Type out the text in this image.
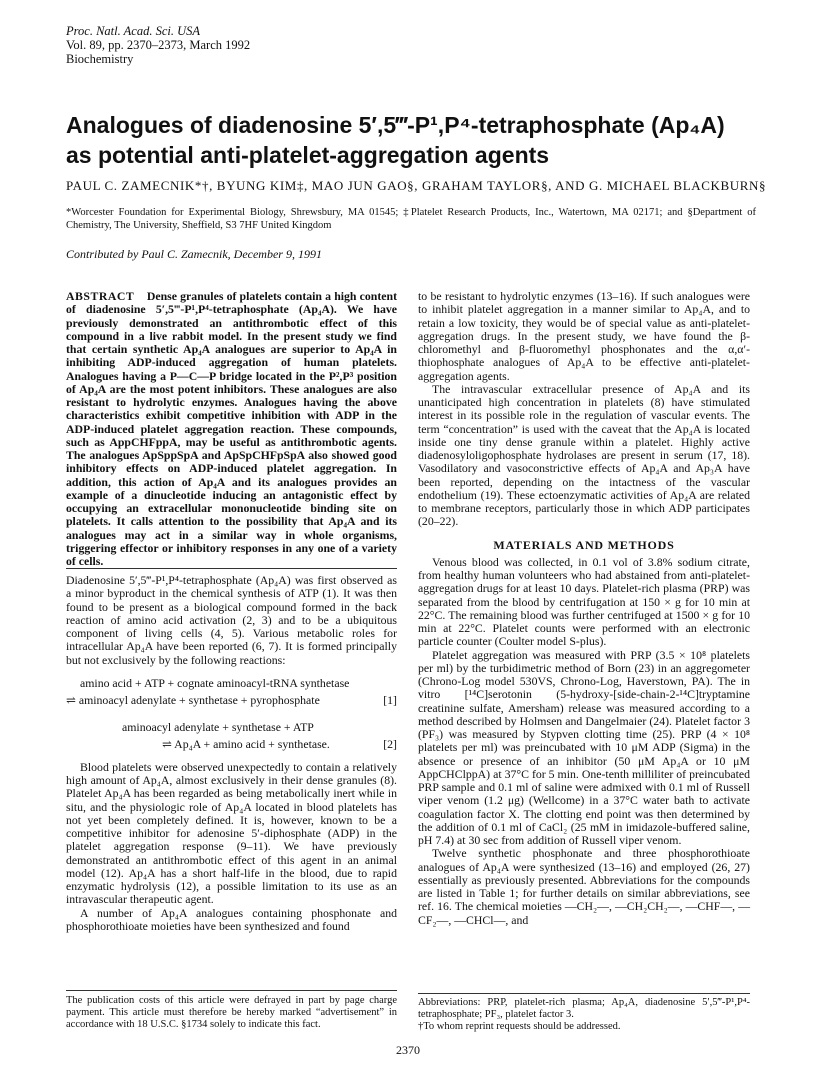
Proc. Natl. Acad. Sci. USA
Vol. 89, pp. 2370–2373, March 1992
Biochemistry
Analogues of diadenosine 5′,5‴-P¹,P⁴-tetraphosphate (Ap₄A) as potential anti-platelet-aggregation agents
PAUL C. ZAMECNIK*†, BYUNG KIM‡, MAO JUN GAO§, GRAHAM TAYLOR§, AND G. MICHAEL BLACKBURN§
*Worcester Foundation for Experimental Biology, Shrewsbury, MA 01545; ‡Platelet Research Products, Inc., Watertown, MA 02171; and §Department of Chemistry, The University, Sheffield, S3 7HF United Kingdom
Contributed by Paul C. Zamecnik, December 9, 1991

ABSTRACT Dense granules of platelets contain a high content of diadenosine 5′,5‴-P¹,P⁴-tetraphosphate (Ap₄A). We have previously demonstrated an antithrombotic effect of this compound in a live rabbit model. In the present study we find that certain synthetic Ap₄A analogues are superior to Ap₄A in inhibiting ADP-induced aggregation of human platelets. Analogues having a P—C—P bridge located in the P²,P³ position of Ap₄A are the most potent inhibitors. These analogues are also resistant to hydrolytic enzymes. Analogues having the above characteristics exhibit competitive inhibition with ADP in the ADP-induced platelet aggregation reaction. These compounds, such as AppCHFppA, may be useful as antithrombotic agents. The analogues ApSppSpA and ApSpCHFpSpA also showed good inhibitory effects on ADP-induced platelet aggregation. In addition, this action of Ap₄A and its analogues provides an example of a dinucleotide inducing an antagonistic effect by occupying an extracellular mononucleotide binding site on platelets. It calls attention to the possibility that Ap₄A and its analogues may act in a similar way in whole organisms, triggering effector or inhibitory responses in any one of a variety of cells.

Diadenosine 5′,5‴-P¹,P⁴-tetraphosphate (Ap₄A) was first observed as a minor byproduct in the chemical synthesis of ATP (1). It was then found to be present as a biological compound formed in the back reaction of amino acid activation (2, 3) and to be a ubiquitous component of living cells (4, 5). Various metabolic roles for intracellular Ap₄A have been reported (6, 7). It is formed principally but not exclusively by the following reactions:

amino acid + ATP + cognate aminoacyl-tRNA synthetase
⇌ aminoacyl adenylate + synthetase + pyrophosphate	[1]
aminoacyl adenylate + synthetase + ATP
⇌ Ap₄A + amino acid + synthetase.	[2]

Blood platelets were observed unexpectedly to contain a relatively high amount of Ap₄A, almost exclusively in their dense granules (8). Platelet Ap₄A has been regarded as being metabolically inert while in situ, and the physiologic role of Ap₄A located in blood platelets has not yet been completely defined. It is, however, known to be a competitive inhibitor for adenosine 5′-diphosphate (ADP) in the platelet aggregation response (9–11). We have previously demonstrated an antithrombotic effect of this agent in an animal model (12). Ap₄A has a short half-life in the blood, due to rapid enzymatic hydrolysis (12), a possible limitation to its use as an intravascular therapeutic agent.

A number of Ap₄A analogues containing phosphonate and phosphorothioate moieties have been synthesized and found

The publication costs of this article were defrayed in part by page charge payment. This article must therefore be hereby marked “advertisement” in accordance with 18 U.S.C. §1734 solely to indicate this fact.

to be resistant to hydrolytic enzymes (13–16). If such analogues were to inhibit platelet aggregation in a manner similar to Ap₄A, and to retain a low toxicity, they would be of special value as anti-platelet-aggregation drugs. In the present study, we have found the β-chloromethyl and β-fluoromethyl phosphonates and the α,α′-thiophosphate analogues of Ap₄A to be effective anti-platelet-aggregation agents.

The intravascular extracellular presence of Ap₄A and its unanticipated high concentration in platelets (8) have stimulated interest in its possible role in the regulation of vascular events. The term “concentration” is used with the caveat that the Ap₄A is located inside one tiny dense granule within a platelet. Highly active diadenosyloligophosphate hydrolases are present in serum (17, 18). Vasodilatory and vasoconstrictive effects of Ap₄A and Ap₃A have been reported, depending on the intactness of the vascular endothelium (19). These ectoenzymatic activities of Ap₄A are related to membrane receptors, particularly those in which ADP participates (20–22).

MATERIALS AND METHODS

Venous blood was collected, in 0.1 vol of 3.8% sodium citrate, from healthy human volunteers who had abstained from anti-platelet-aggregation drugs for at least 10 days. Platelet-rich plasma (PRP) was separated from the blood by centrifugation at 150 × g for 10 min at 22°C. The remaining blood was further centrifuged at 1500 × g for 10 min at 22°C. Platelet counts were performed with an electronic particle counter (Coulter model S-plus).

Platelet aggregation was measured with PRP (3.5 × 10⁸ platelets per ml) by the turbidimetric method of Born (23) in an aggregometer (Chrono-Log model 530VS, Chrono-Log, Haverstown, PA). The in vitro [¹⁴C]serotonin (5-hydroxy-[side-chain-2-¹⁴C]tryptamine creatinine sulfate, Amersham) release was measured according to a method described by Holmsen and Dangelmaier (24). Platelet factor 3 (PF₃) was measured by Stypven clotting time (25). PRP (4 × 10⁸ platelets per ml) was preincubated with 10 μM ADP (Sigma) in the absence or presence of an inhibitor (50 μM Ap₄A or 10 μM AppCHClppA) at 37°C for 5 min. One-tenth milliliter of preincubated PRP sample and 0.1 ml of saline were admixed with 0.1 ml of Russell viper venom (1.2 μg) (Wellcome) in a 37°C water bath to activate coagulation factor X. The clotting end point was then determined by the addition of 0.1 ml of CaCl₂ (25 mM in imidazole-buffered saline, pH 7.4) at 30 sec from addition of Russell viper venom.

Twelve synthetic phosphonate and three phosphorothioate analogues of Ap₄A were synthesized (13–16) and employed (26, 27) essentially as previously presented. Abbreviations for the compounds are listed in Table 1; for further details on similar abbreviations, see ref. 16. The chemical moieties —CH₂—, —CH₂CH₂—, —CHF—, —CF₂—, —CHCl—, and

Abbreviations: PRP, platelet-rich plasma; Ap₄A, diadenosine 5′,5‴-P¹,P⁴-tetraphosphate; PF₃, platelet factor 3.
†To whom reprint requests should be addressed.
2370
